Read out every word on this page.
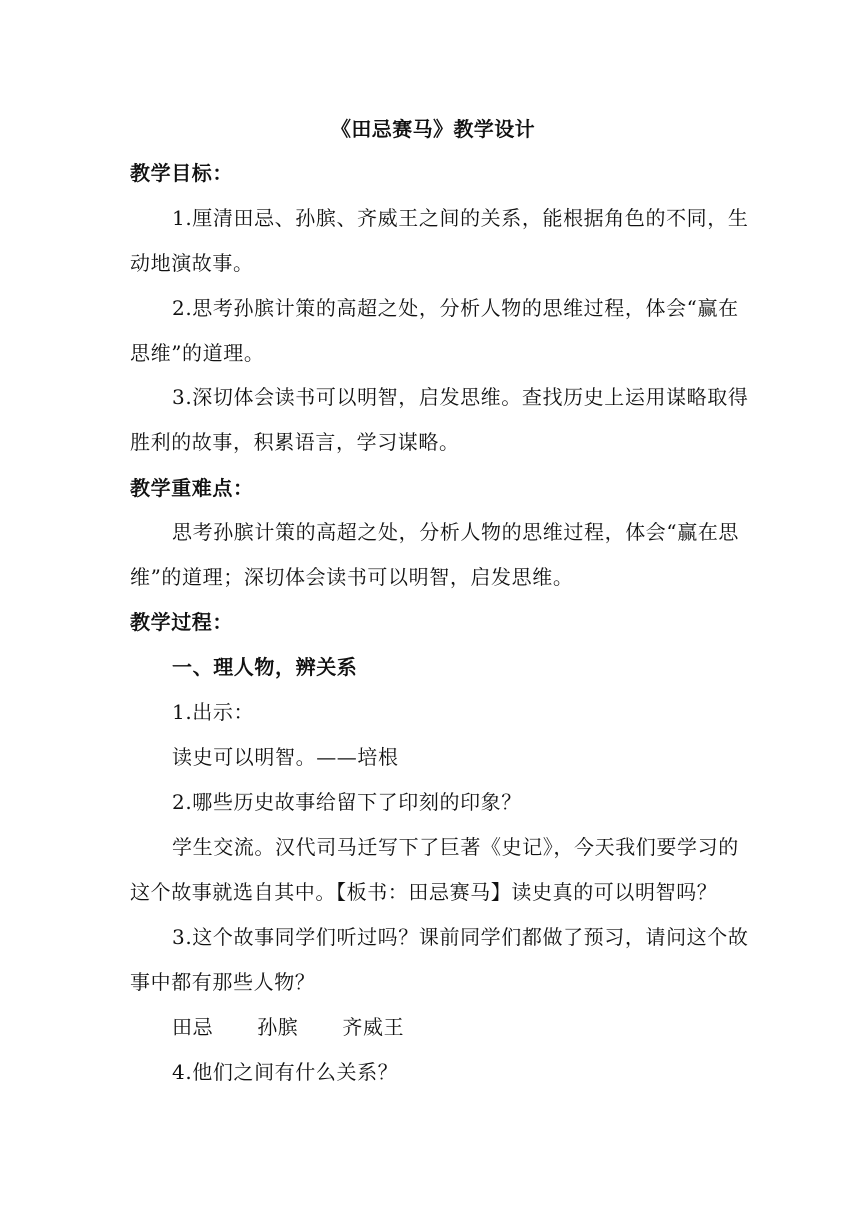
《田忌赛马》教学设计
教学目标：
1.厘清田忌、孙膑、齐威王之间的关系，能根据角色的不同，生
动地演故事。
2.思考孙膑计策的高超之处，分析人物的思维过程，体会“赢在
思维”的道理。
3.深切体会读书可以明智，启发思维。查找历史上运用谋略取得
胜利的故事，积累语言，学习谋略。
教学重难点：
思考孙膑计策的高超之处，分析人物的思维过程，体会“赢在思
维”的道理；深切体会读书可以明智，启发思维。
教学过程：
一、理人物，辨关系
1.出示：
读史可以明智。——培根
2.哪些历史故事给留下了印刻的印象？
学生交流。汉代司马迁写下了巨著《史记》，今天我们要学习的
这个故事就选自其中。【板书：田忌赛马】读史真的可以明智吗？
3.这个故事同学们听过吗？课前同学们都做了预习，请问这个故
事中都有那些人物？
田忌 孙膑 齐威王
4.他们之间有什么关系？
